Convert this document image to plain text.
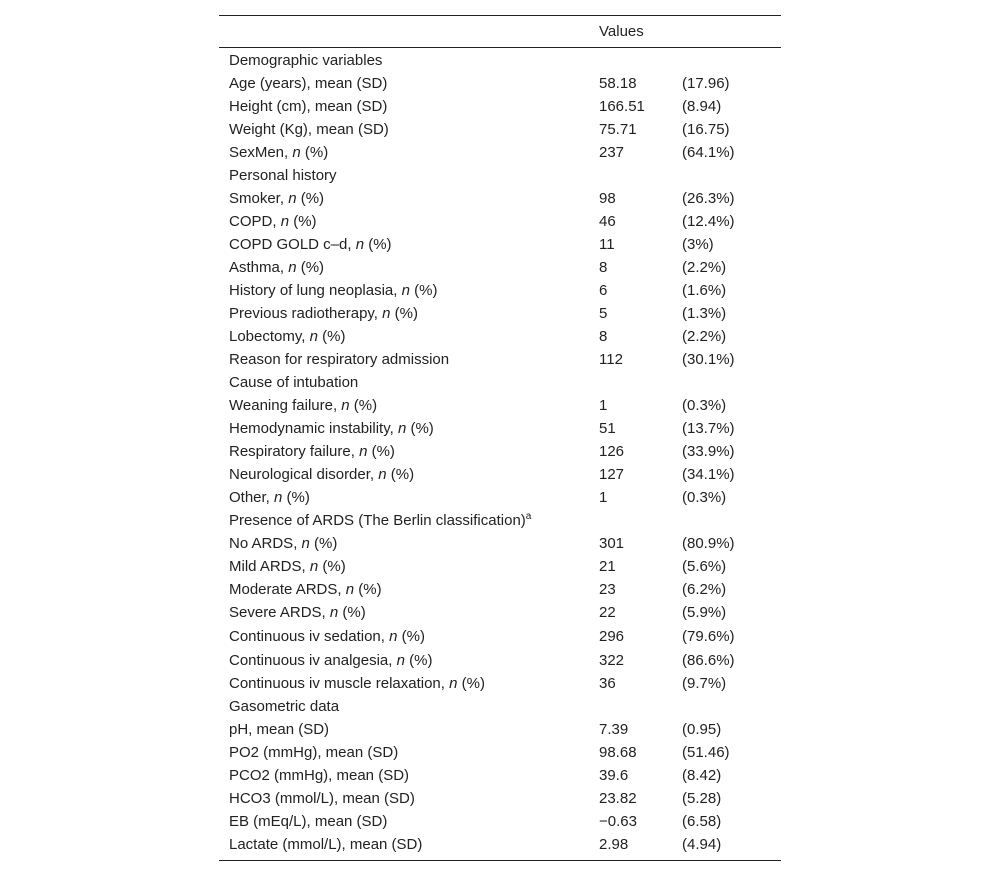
Values
Demographic variables
Age (years), mean (SD)	58.18	(17.96)
Height (cm), mean (SD)	166.51	(8.94)
Weight (Kg), mean (SD)	75.71	(16.75)
SexMen, n (%)	237	(64.1%)
Personal history
Smoker, n (%)	98	(26.3%)
COPD, n (%)	46	(12.4%)
COPD GOLD c–d, n (%)	11	(3%)
Asthma, n (%)	8	(2.2%)
History of lung neoplasia, n (%)	6	(1.6%)
Previous radiotherapy, n (%)	5	(1.3%)
Lobectomy, n (%)	8	(2.2%)
Reason for respiratory admission	112	(30.1%)
Cause of intubation
Weaning failure, n (%)	1	(0.3%)
Hemodynamic instability, n (%)	51	(13.7%)
Respiratory failure, n (%)	126	(33.9%)
Neurological disorder, n (%)	127	(34.1%)
Other, n (%)	1	(0.3%)
Presence of ARDS (The Berlin classification)$^a$
No ARDS, n (%)	301	(80.9%)
Mild ARDS, n (%)	21	(5.6%)
Moderate ARDS, n (%)	23	(6.2%)
Severe ARDS, n (%)	22	(5.9%)
Continuous iv sedation, n (%)	296	(79.6%)
Continuous iv analgesia, n (%)	322	(86.6%)
Continuous iv muscle relaxation, n (%)	36	(9.7%)
Gasometric data
pH, mean (SD)	7.39	(0.95)
PO2 (mmHg), mean (SD)	98.68	(51.46)
PCO2 (mmHg), mean (SD)	39.6	(8.42)
HCO3 (mmol/L), mean (SD)	23.82	(5.28)
EB (mEq/L), mean (SD)	−0.63	(6.58)
Lactate (mmol/L), mean (SD)	2.98	(4.94)
